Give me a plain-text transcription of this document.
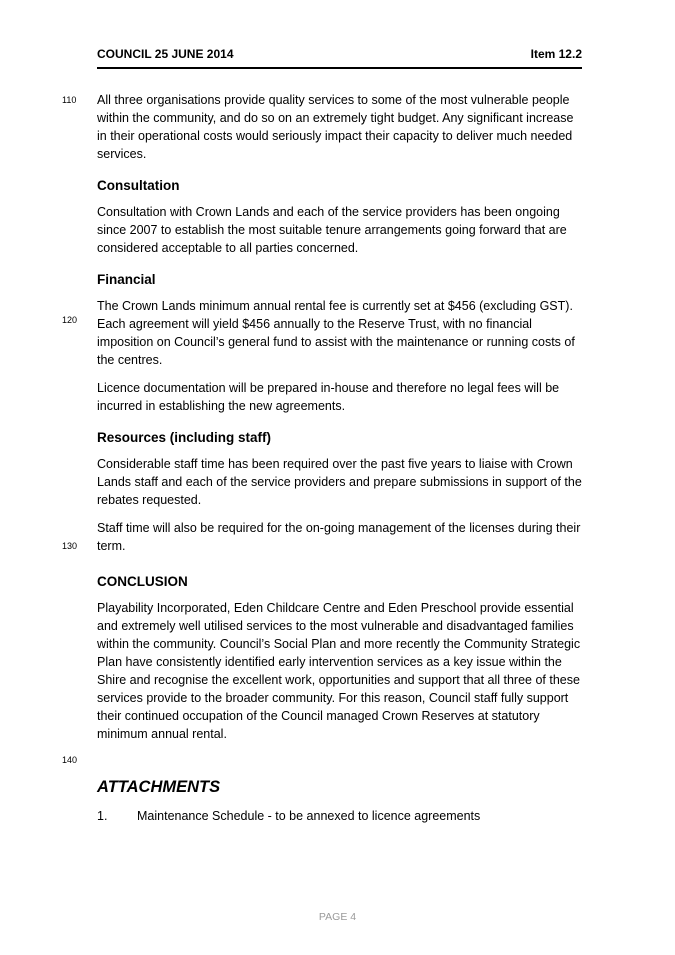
COUNCIL 25 JUNE 2014	Item 12.2
110
120
130
140

All three organisations provide quality services to some of the most vulnerable people within the community, and do so on an extremely tight budget. Any significant increase in their operational costs would seriously impact their capacity to deliver much needed services.

Consultation

Consultation with Crown Lands and each of the service providers has been ongoing since 2007 to establish the most suitable tenure arrangements going forward that are considered acceptable to all parties concerned.

Financial

The Crown Lands minimum annual rental fee is currently set at $456 (excluding GST). Each agreement will yield $456 annually to the Reserve Trust, with no financial imposition on Council’s general fund to assist with the maintenance or running costs of the centres.

Licence documentation will be prepared in-house and therefore no legal fees will be incurred in establishing the new agreements.

Resources (including staff)

Considerable staff time has been required over the past five years to liaise with Crown Lands staff and each of the service providers and prepare submissions in support of the rebates requested.

Staff time will also be required for the on-going management of the licenses during their term.

CONCLUSION

Playability Incorporated, Eden Childcare Centre and Eden Preschool provide essential and extremely well utilised services to the most vulnerable and disadvantaged families within the community. Council’s Social Plan and more recently the Community Strategic Plan have consistently identified early intervention services as a key issue within the Shire and recognise the excellent work, opportunities and support that all three of these services provide to the broader community. For this reason, Council staff fully support their continued occupation of the Council managed Crown Reserves at statutory minimum annual rental.

ATTACHMENTS
1.	Maintenance Schedule - to be annexed to licence agreements
PAGE 4
